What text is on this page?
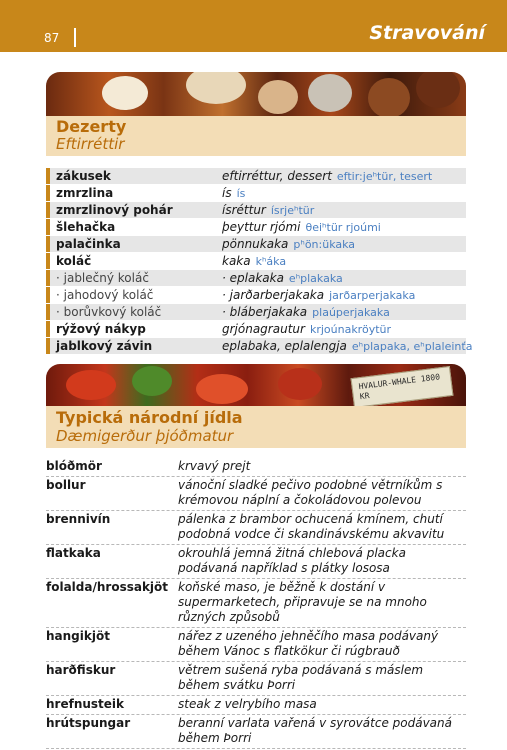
87	Stravování
Dezerty
Eftirréttir
zákusek	eftirréttur, dessert eftir:jeʰtür, tesert
zmrzlina	ís ís
zmrzlinový pohár	ísréttur ísrjeʰtür
šlehačka	þeyttur rjómi θeiʰtür rjoúmi
palačinka	pönnukaka pʰön:ükaka
koláč	kaka kʰáka
· jablečný koláč	· eplakaka eʰplakaka
· jahodový koláč	· jarðarberjakaka jarðarperjakaka
· borůvkový koláč	· bláberjakaka plaúperjakaka
rýžový nákyp	grjónagrautur krjoúnakröytür
jablkový závin	eplabaka, eplalengja eʰplapaka, eʰplaleinťa
HVALUR-WHALE 1800 KR
Typická národní jídla
Dæmigerður þjóðmatur
blóðmör	krvavý prejt
bollur	vánoční sladké pečivo podobné větrníkům s krémovou náplní a čokoládovou polevou
brennivín	pálenka z brambor ochucená kmínem, chutí podobná vodce či skandinávskému akvavitu
flatkaka	okrouhlá jemná žitná chlebová placka podávaná například s plátky lososa
folalda/hrossakjöt koňské maso, je běžně k dostání v supermarketech, připravuje se na mnoho různých způsobů
hangikjöt	nářez z uzeného jehněčího masa podávaný během Vánoc s flatkökur či rúgbrauð
harðfiskur	větrem sušená ryba podávaná s máslem během svátku Þorri
hrefnusteik	steak z velrybího masa
hrútspungar	beranní varlata vařená v syrovátce podávaná během Þorri
